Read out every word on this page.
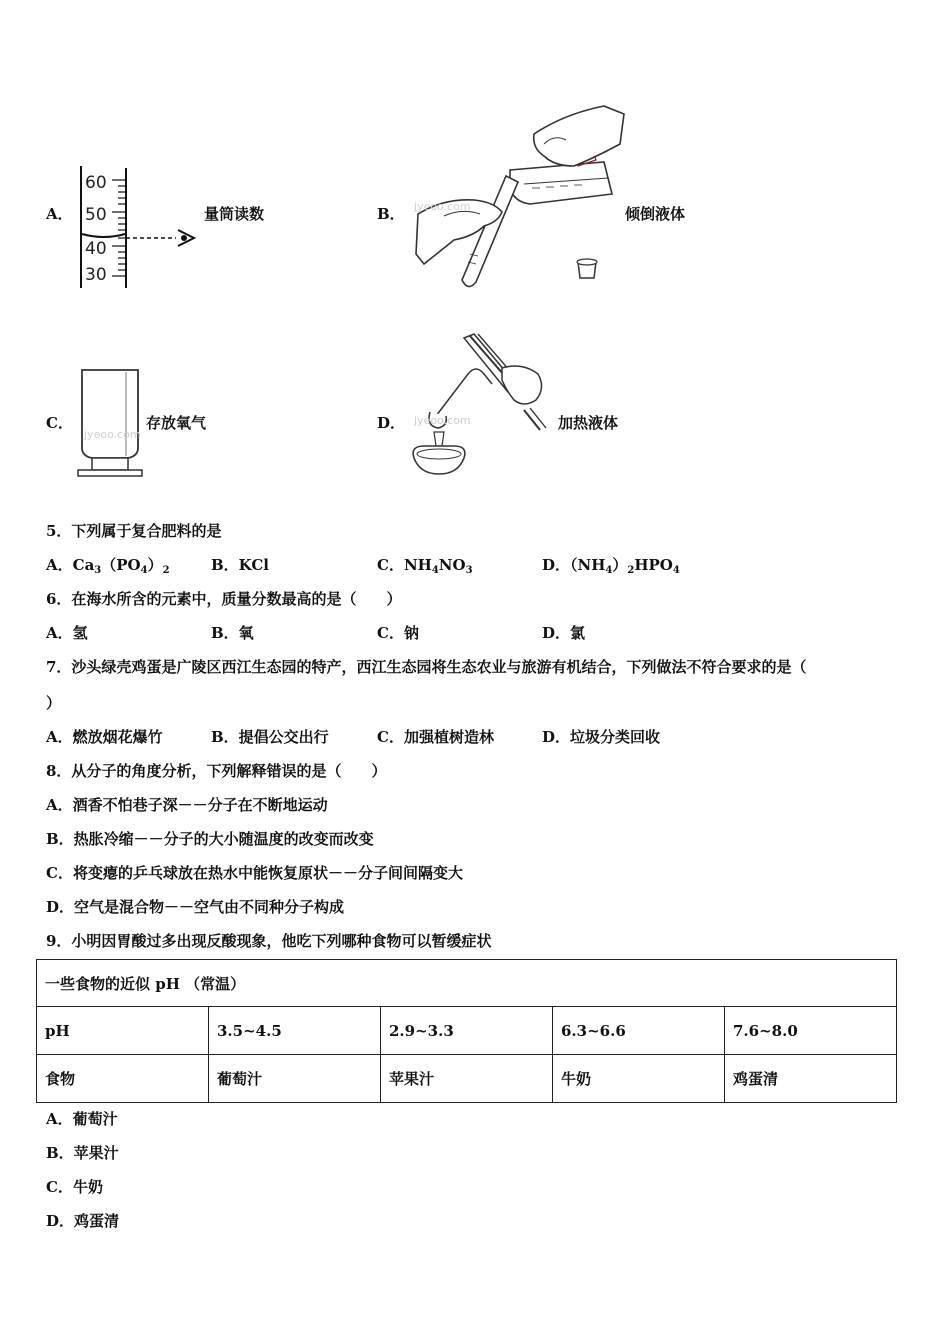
A．
60
50
40
30
量筒读数	B． jyeoo.com	倾倒液体
C．
jyeoo.com
存放氧气	D． jyeoo.com	加热液体
5．下列属于复合肥料的是
A．$Ca_3(PO_4)_2$	B．KCl	C．$NH_4NO_3$	D．$(NH_4)_2HPO_4$
6．在海水所含的元素中，质量分数最高的是（　　）
A．氢	B．氧	C．钠	D．氯
7．沙头绿壳鸡蛋是广陵区西江生态园的特产，西江生态园将生态农业与旅游有机结合，下列做法不符合要求的是（
）
A．燃放烟花爆竹	B．提倡公交出行	C．加强植树造林	D．垃圾分类回收
8．从分子的角度分析，下列解释错误的是（　　）
A．酒香不怕巷子深－－分子在不断地运动
B．热胀冷缩－－分子的大小随温度的改变而改变
C．将变瘪的乒乓球放在热水中能恢复原状－－分子间间隔变大
D．空气是混合物－－空气由不同种分子构成
9．小明因胃酸过多出现反酸现象，他吃下列哪种食物可以暂缓症状
一些食物的近似 pH （常温）				
pH	3.5~4.5	2.9~3.3	6.3~6.6	7.6~8.0
食物	葡萄汁	苹果汁	牛奶	鸡蛋清
A．葡萄汁
B．苹果汁
C．牛奶
D．鸡蛋清
